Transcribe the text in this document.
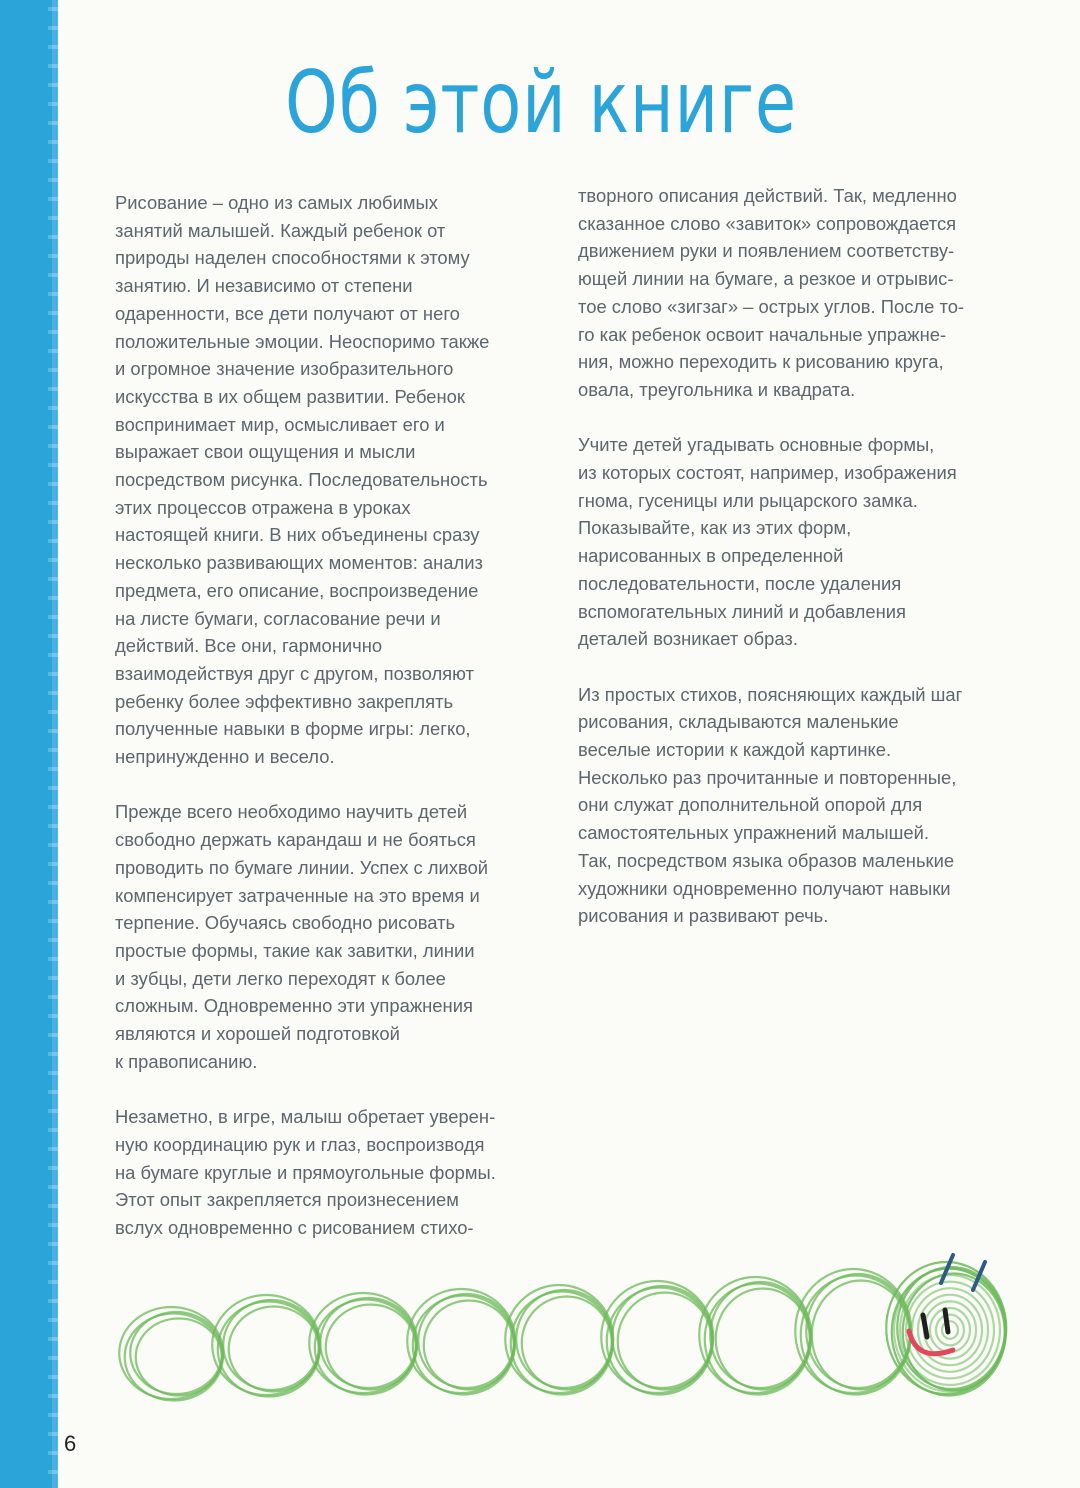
Об этой книге

Рисование – одно из самых любимых
занятий малышей. Каждый ребенок от
природы наделен способностями к этому
занятию. И независимо от степени
одаренности, все дети получают от него
положительные эмоции. Неоспоримо также
и огромное значение изобразительного
искусства в их общем развитии. Ребенок
воспринимает мир, осмысливает его и
выражает свои ощущения и мысли
посредством рисунка. Последовательность
этих процессов отражена в уроках
настоящей книги. В них объединены сразу
несколько развивающих моментов: анализ
предмета, его описание, воспроизведение
на листе бумаги, согласование речи и
действий. Все они, гармонично
взаимодействуя друг с другом, позволяют
ребенку более эффективно закреплять
полученные навыки в форме игры: легко,
непринужденно и весело.

Прежде всего необходимо научить детей
свободно держать карандаш и не бояться
проводить по бумаге линии. Успех с лихвой
компенсирует затраченные на это время и
терпение. Обучаясь свободно рисовать
простые формы, такие как завитки, линии
и зубцы, дети легко переходят к более
сложным. Одновременно эти упражнения
являются и хорошей подготовкой
к правописанию.

Незаметно, в игре, малыш обретает уверен-
ную координацию рук и глаз, воспроизводя
на бумаге круглые и прямоугольные формы.
Этот опыт закрепляется произнесением
вслух одновременно с рисованием стихо-

творного описания действий. Так, медленно
сказанное слово «завиток» сопровождается
движением руки и появлением соответству-
ющей линии на бумаге, а резкое и отрывис-
тое слово «зигзаг» – острых углов. После то-
го как ребенок освоит начальные упражне-
ния, можно переходить к рисованию круга,
овала, треугольника и квадрата.

Учите детей угадывать основные формы,
из которых состоят, например, изображения
гнома, гусеницы или рыцарского замка.
Показывайте, как из этих форм,
нарисованных в определенной
последовательности, после удаления
вспомогательных линий и добавления
деталей возникает образ.

Из простых стихов, поясняющих каждый шаг
рисования, складываются маленькие
веселые истории к каждой картинке.
Несколько раз прочитанные и повторенные,
они служат дополнительной опорой для
самостоятельных упражнений малышей.
Так, посредством языка образов маленькие
художники одновременно получают навыки
рисования и развивают речь.

6
